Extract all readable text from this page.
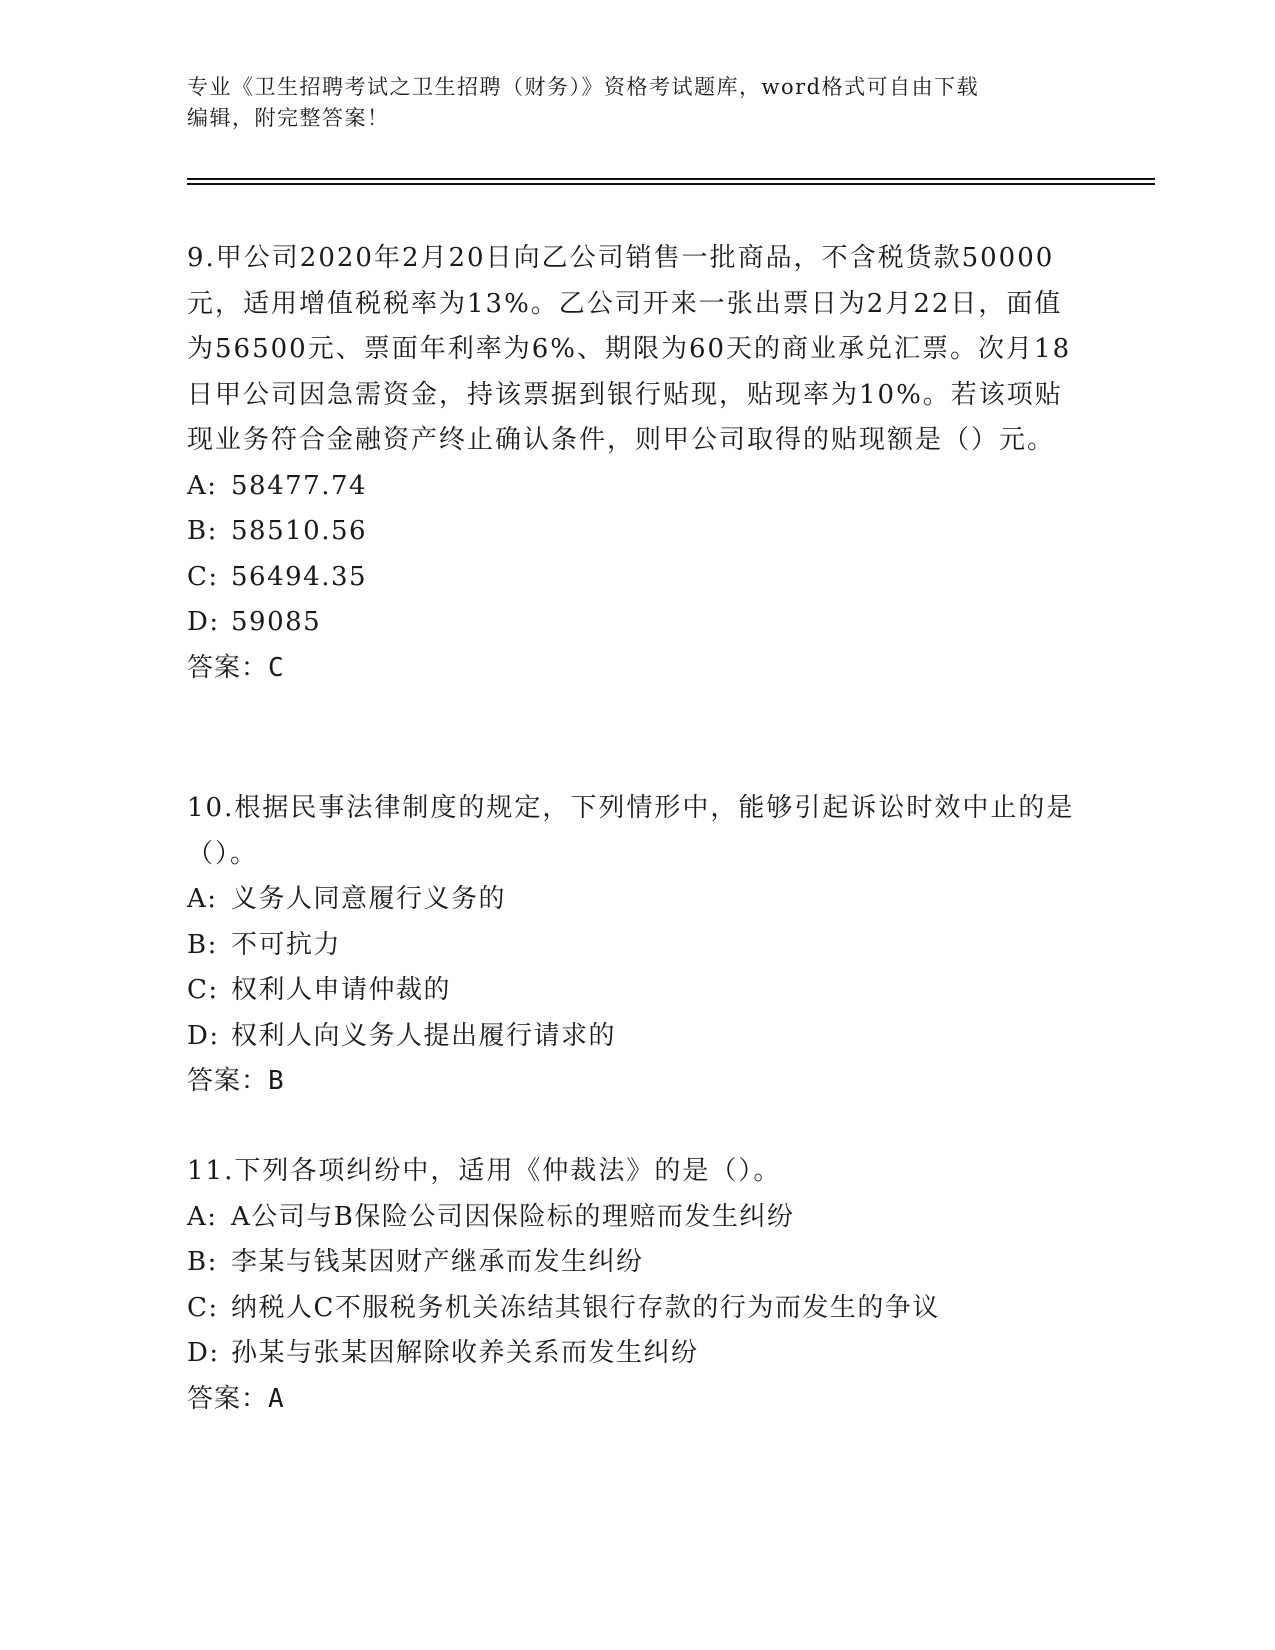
专业《卫生招聘考试之卫生招聘（财务）》资格考试题库，word格式可自由下载
编辑，附完整答案！

9.甲公司2020年2月20日向乙公司销售一批商品，不含税货款50000元，适用增值税税率为13%。乙公司开来一张出票日为2月22日，面值为56500元、票面年利率为6%、期限为60天的商业承兑汇票。次月18日甲公司因急需资金，持该票据到银行贴现，贴现率为10%。若该项贴现业务符合金融资产终止确认条件，则甲公司取得的贴现额是（）元。

A: 58477.74
B: 58510.56
C: 56494.35
D: 59085
答案：C

10.根据民事法律制度的规定，下列情形中，能够引起诉讼时效中止的是（）。

A: 义务人同意履行义务的
B: 不可抗力
C: 权利人申请仲裁的
D: 权利人向义务人提出履行请求的
答案：B

11.下列各项纠纷中，适用《仲裁法》的是（）。

A: A公司与B保险公司因保险标的理赔而发生纠纷
B: 李某与钱某因财产继承而发生纠纷
C: 纳税人C不服税务机关冻结其银行存款的行为而发生的争议
D: 孙某与张某因解除收养关系而发生纠纷
答案：A
